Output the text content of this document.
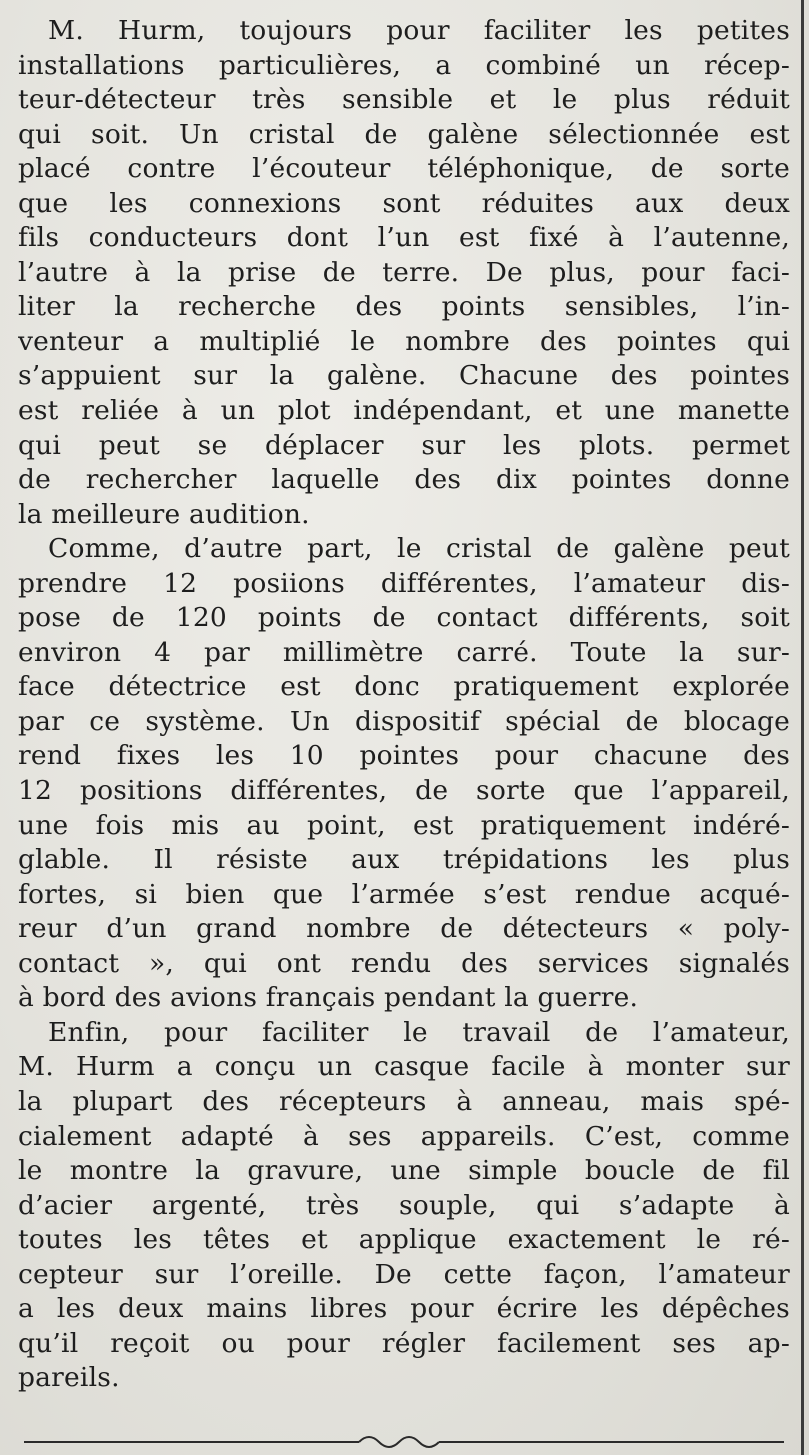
M. Hurm, toujours pour faciliter les petites
installations particulières, a combiné un récep-
teur-détecteur très sensible et le plus réduit
qui soit. Un cristal de galène sélectionnée est
placé contre l’écouteur téléphonique, de sorte
que les connexions sont réduites aux deux
fils conducteurs dont l’un est fixé à l’autenne,
l’autre à la prise de terre. De plus, pour faci-
liter la recherche des points sensibles, l’in-
venteur a multiplié le nombre des pointes qui
s’appuient sur la galène. Chacune des pointes
est reliée à un plot indépendant, et une manette
qui peut se déplacer sur les plots. permet
de rechercher laquelle des dix pointes donne
la meilleure audition.
Comme, d’autre part, le cristal de galène peut
prendre 12 posiions différentes, l’amateur dis-
pose de 120 points de contact différents, soit
environ 4 par millimètre carré. Toute la sur-
face détectrice est donc pratiquement explorée
par ce système. Un dispositif spécial de blocage
rend fixes les 10 pointes pour chacune des
12 positions différentes, de sorte que l’appareil,
une fois mis au point, est pratiquement indéré-
glable. Il résiste aux trépidations les plus
fortes, si bien que l’armée s’est rendue acqué-
reur d’un grand nombre de détecteurs « poly-
contact », qui ont rendu des services signalés
à bord des avions français pendant la guerre.
Enfin, pour faciliter le travail de l’amateur,
M. Hurm a conçu un casque facile à monter sur
la plupart des récepteurs à anneau, mais spé-
cialement adapté à ses appareils. C’est, comme
le montre la gravure, une simple boucle de fil
d’acier argenté, très souple, qui s’adapte à
toutes les têtes et applique exactement le ré-
cepteur sur l’oreille. De cette façon, l’amateur
a les deux mains libres pour écrire les dépêches
qu’il reçoit ou pour régler facilement ses ap-
pareils.
